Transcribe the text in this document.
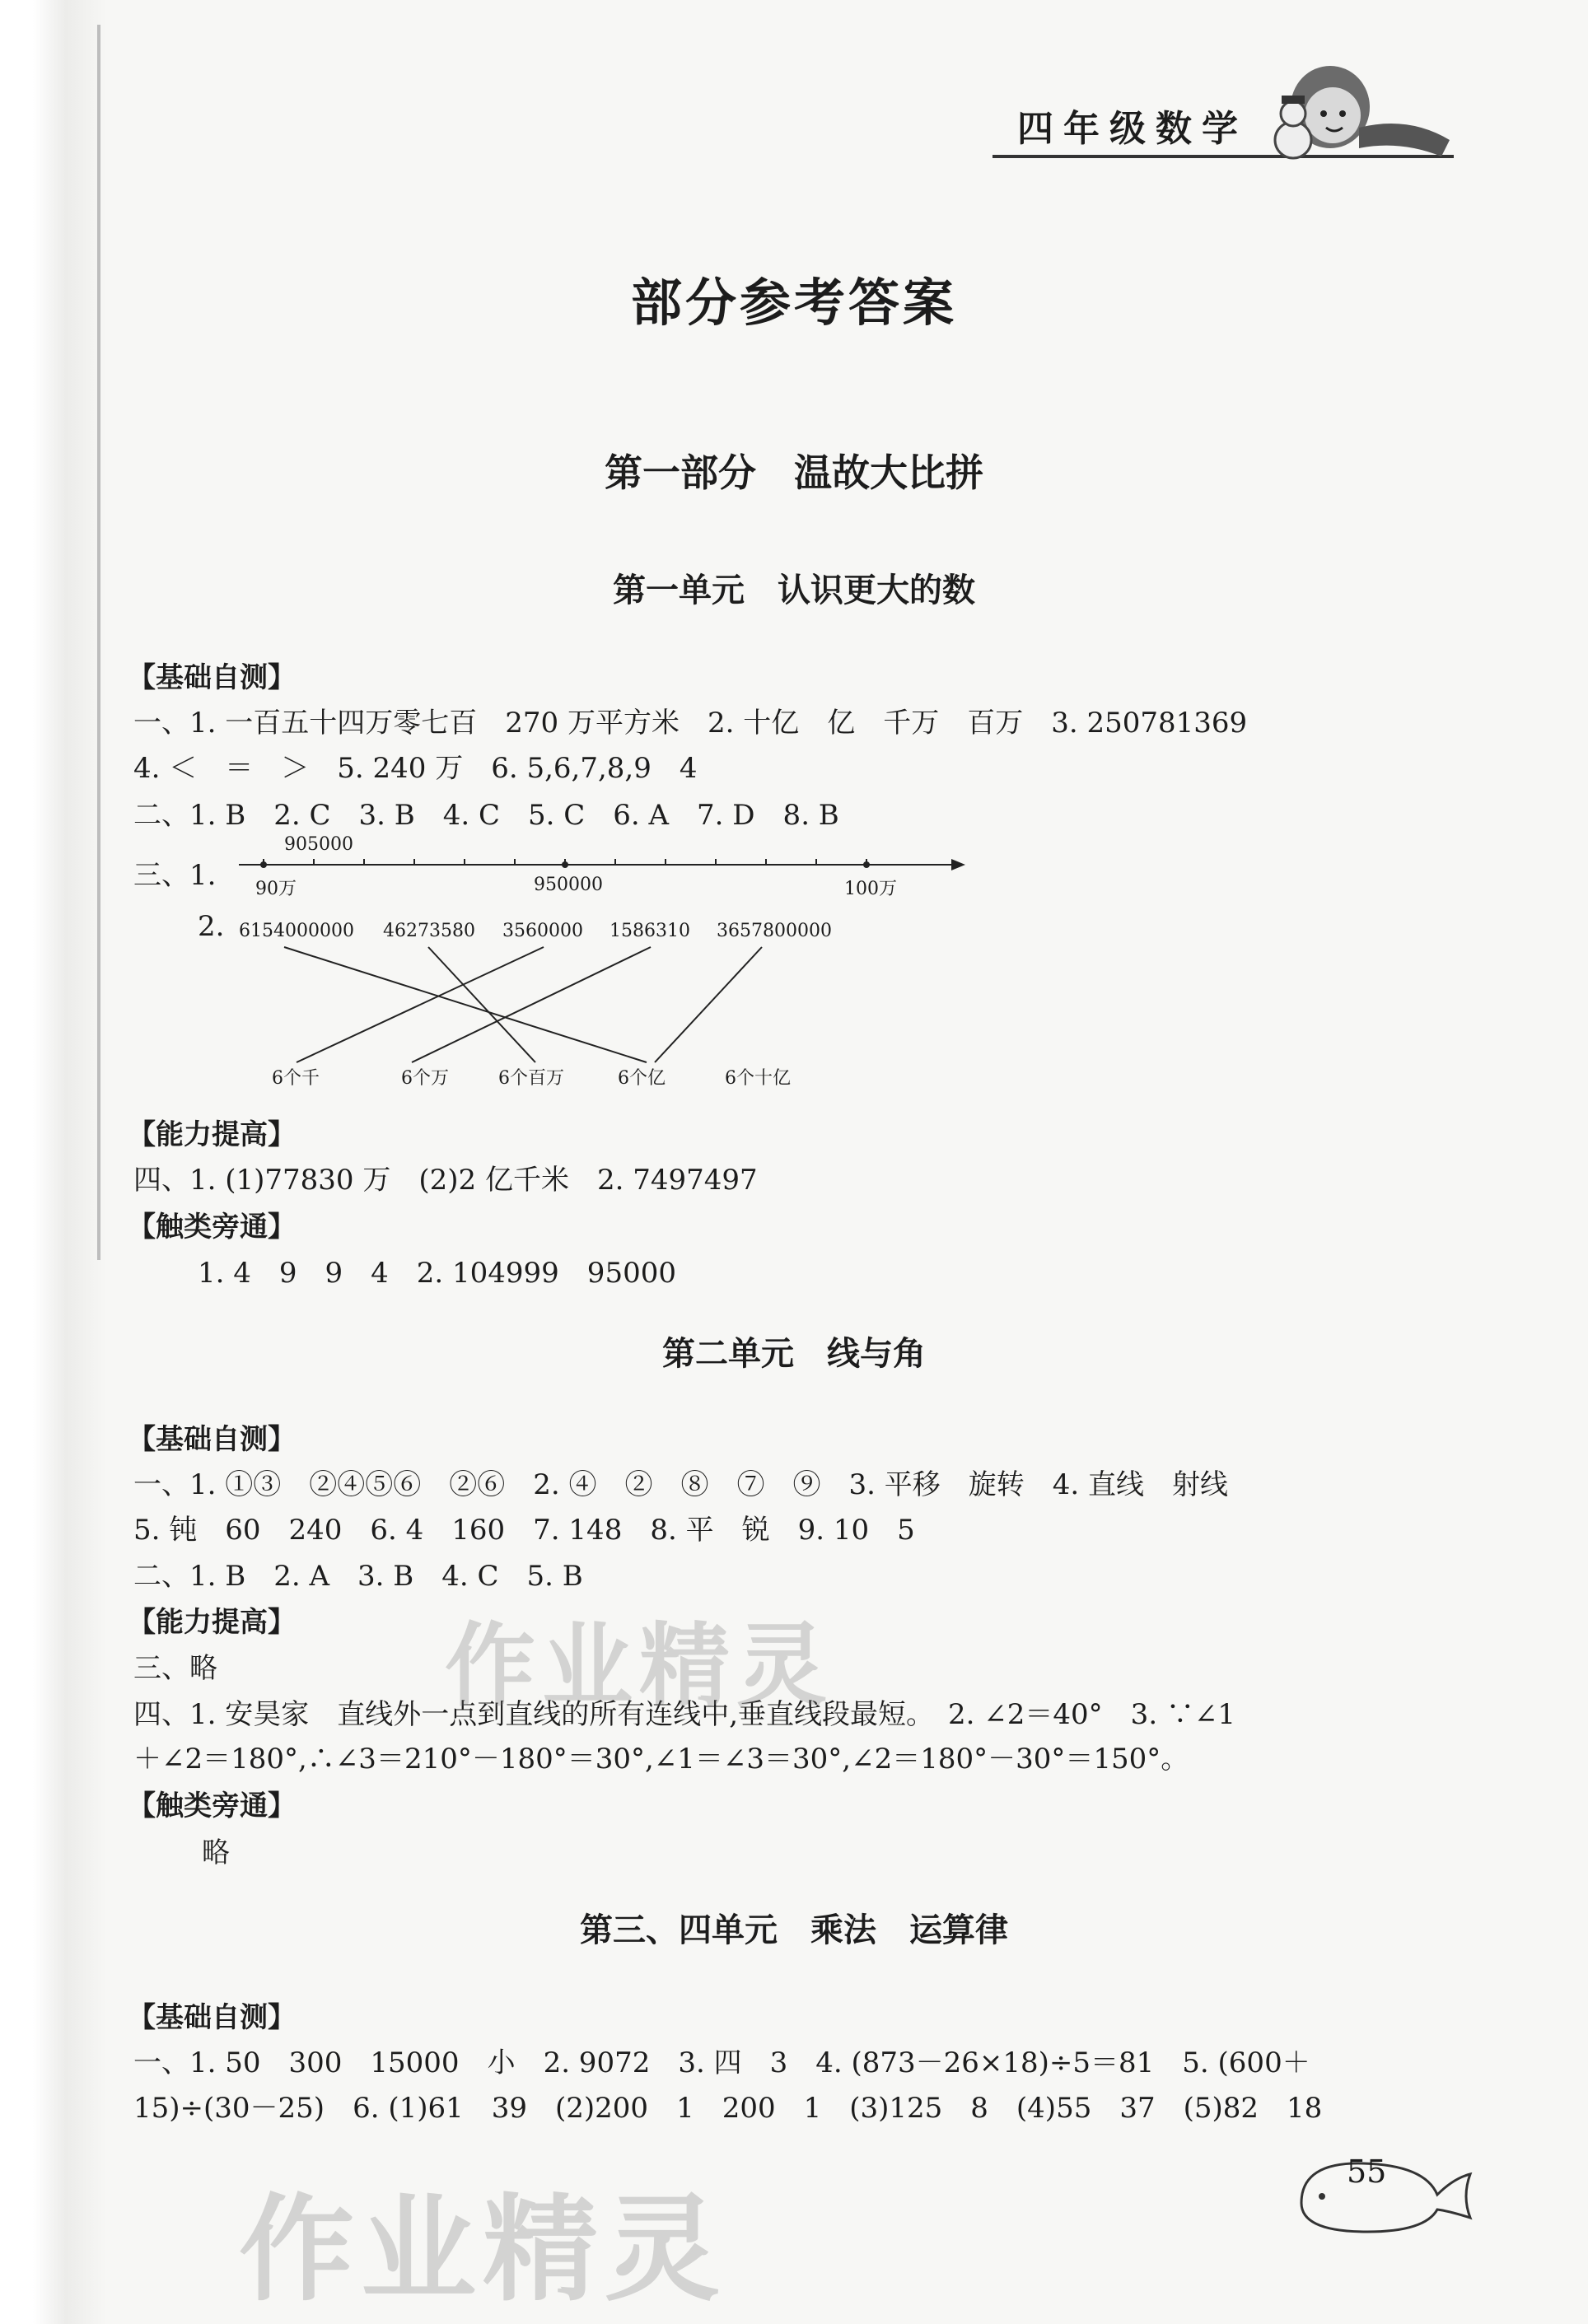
四年级数学
部分参考答案
第一部分　温故大比拼
第一单元　认识更大的数
【基础自测】
一、1. 一百五十四万零七百　270 万平方米　2. 十亿　亿　千万　百万　3. 250781369
4. ＜　＝　＞　5. 240 万　6. 5,6,7,8,9　4
二、1. B　2. C　3. B　4. C　5. C　6. A　7. D　8. B
三、1.
905000
90万	950000	100万
2. 6154000000 46273580 3560000 1586310 3657800000
6个千	6个万	6个百万	6个亿	6个十亿
【能力提高】
四、1. (1)77830 万　(2)2 亿千米　2. 7497497
【触类旁通】
1. 4　9　9　4　2. 104999　95000
第二单元　线与角
【基础自测】
一、1. ①③　②④⑤⑥　②⑥　2. ④　②　⑧　⑦　⑨　3. 平移　旋转　4. 直线　射线
5. 钝　60　240　6. 4　160　7. 148　8. 平　锐　9. 10　5
二、1. B　2. A　3. B　4. C　5. B
【能力提高】
三、略
四、1. 安昊家　直线外一点到直线的所有连线中,垂直线段最短。　2. ∠2＝40°　3. ∵∠1
＋∠2＝180°,∴∠3＝210°－180°＝30°,∠1＝∠3＝30°,∠2＝180°－30°＝150°。
【触类旁通】
略
第三、四单元　乘法　运算律
【基础自测】
一、1. 50　300　15000　小　2. 9072　3. 四　3　4. (873－26×18)÷5＝81　5. (600＋
15)÷(30－25)　6. (1)61　39　(2)200　1　200　1　(3)125　8　(4)55　37　(5)82　18
作业精灵
作业精灵
55
